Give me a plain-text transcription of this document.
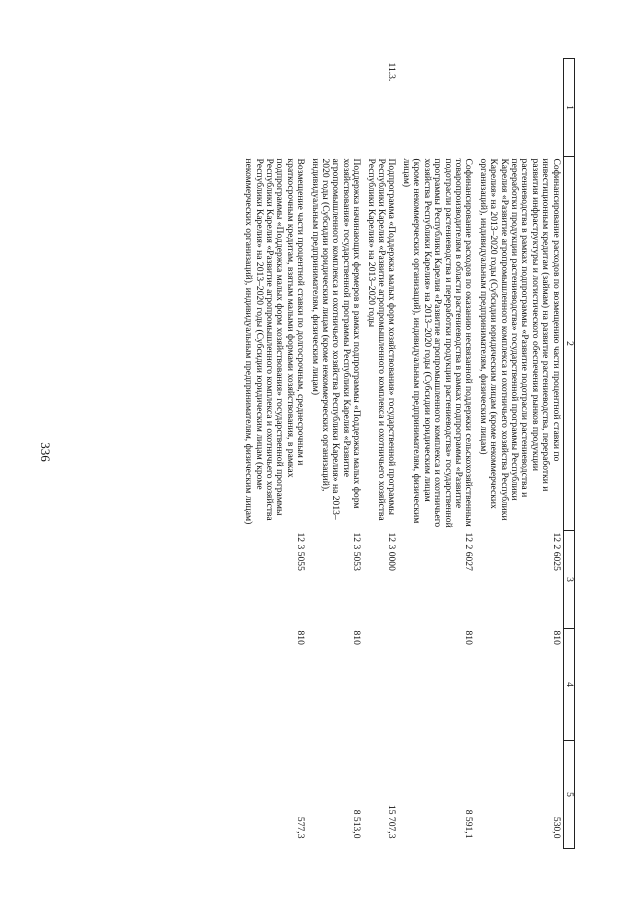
336
1	2	3	4	5
	Софинансирование расходов по возмещению части процентной ставки по инвестиционным кредитам (займам) на развитие растениеводства, переработки и развития инфраструктуры и логистического обеспечения рынков продукции растениеводства в рамках подпрограммы «Развитие подотрасли растениеводства и переработки продукции растениеводства» государственной программы Республики Карелия «Развитие агропромышленного комплекса и охотничьего хозяйства Республики Карелия» на 2013–2020 годы (Субсидии юридическим лицам (кроме некоммерческих организаций), индивидуальным предпринимателям, физическим лицам)	12 2 6025	810	530,0
	Софинансирование расходов по оказанию несвязанной поддержки сельскохозяйственным товаропроизводителям в области растениеводства в рамках подпрограммы «Развитие подотрасли растениеводства и переработки продукции растениеводства» государственной программы Республики Карелия «Развитие агропромышленного комплекса и охотничьего хозяйства Республики Карелия» на 2013–2020 годы (Субсидии юридическим лицам (кроме некоммерческих организаций), индивидуальным предпринимателям, физическим лицам)	12 2 6027	810	8 591,1
11.3.	Подпрограмма «Поддержка малых форм хозяйствования» государственной программы Республики Карелия «Развитие агропромышленного комплекса и охотничьего хозяйства Республики Карелия» на 2013–2020 годы	12 3 0000		15 707,3
	Поддержка начинающих фермеров в рамках подпрограммы «Поддержка малых форм хозяйствования» государственной программы Республики Карелия «Развитие агропромышленного комплекса и охотничьего хозяйства Республики Карелия» на 2013–2020 годы (Субсидии юридическим лицам (кроме некоммерческих организаций), индивидуальным предпринимателям, физическим лицам)	12 3 5053	810	8 513,0
	Возмещение части процентной ставки по долгосрочным, среднесрочным и краткосрочным кредитам, взятым малыми формами хозяйствования, в рамках подпрограммы «Поддержка малых форм хозяйствования» государственной программы Республики Карелия «Развитие агропромышленного комплекса и охотничьего хозяйства Республики Карелия» на 2013–2020 годы (Субсидии юридическим лицам (кроме некоммерческих организаций), индивидуальным предпринимателям, физическим лицам)	12 3 5055	810	577,3
